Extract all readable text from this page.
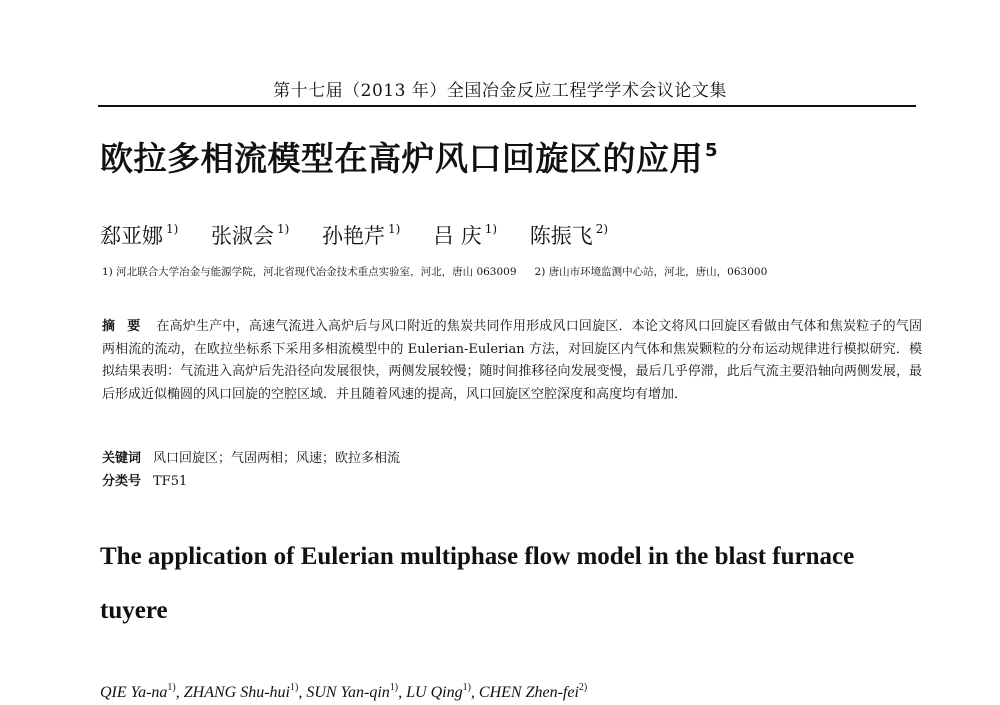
第十七届（2013 年）全国冶金反应工程学学术会议论文集
欧拉多相流模型在高炉风口回旋区的应用 $^5$
郄亚娜 $^{1)}$ 张淑会 $^{1)}$ 孙艳芹 $^{1)}$ 吕 庆 $^{1)}$ 陈振飞 $^{2)}$
1) 河北联合大学冶金与能源学院，河北省现代冶金技术重点实验室，河北，唐山 063009 2) 唐山市环境监测中心站，河北，唐山，063000
摘要 在高炉生产中，高速气流进入高炉后与风口附近的焦炭共同作用形成风口回旋区．本论文将风口回旋区看做由气体和焦炭粒子的气固两相流的流动，在欧拉坐标系下采用多相流模型中的 Eulerian-Eulerian 方法，对回旋区内气体和焦炭颗粒的分布运动规律进行模拟研究．模拟结果表明：气流进入高炉后先沿径向发展很快，两侧发展较慢；随时间推移径向发展变慢，最后几乎停滞，此后气流主要沿轴向两侧发展，最后形成近似椭圆的风口回旋的空腔区域．并且随着风速的提高，风口回旋区空腔深度和高度均有增加．
关键词 风口回旋区；气固两相；风速；欧拉多相流
分类号 TF51
The application of Eulerian multiphase flow model in the blast furnace tuyere
QIE $Ya-na^{1)}$, ZHANG Shu-hui$^{1)}$, SUN Yan-qin$^{1)}$, LU Qing$^{1)}$, CHEN Zhen-fei$^{2)}$
